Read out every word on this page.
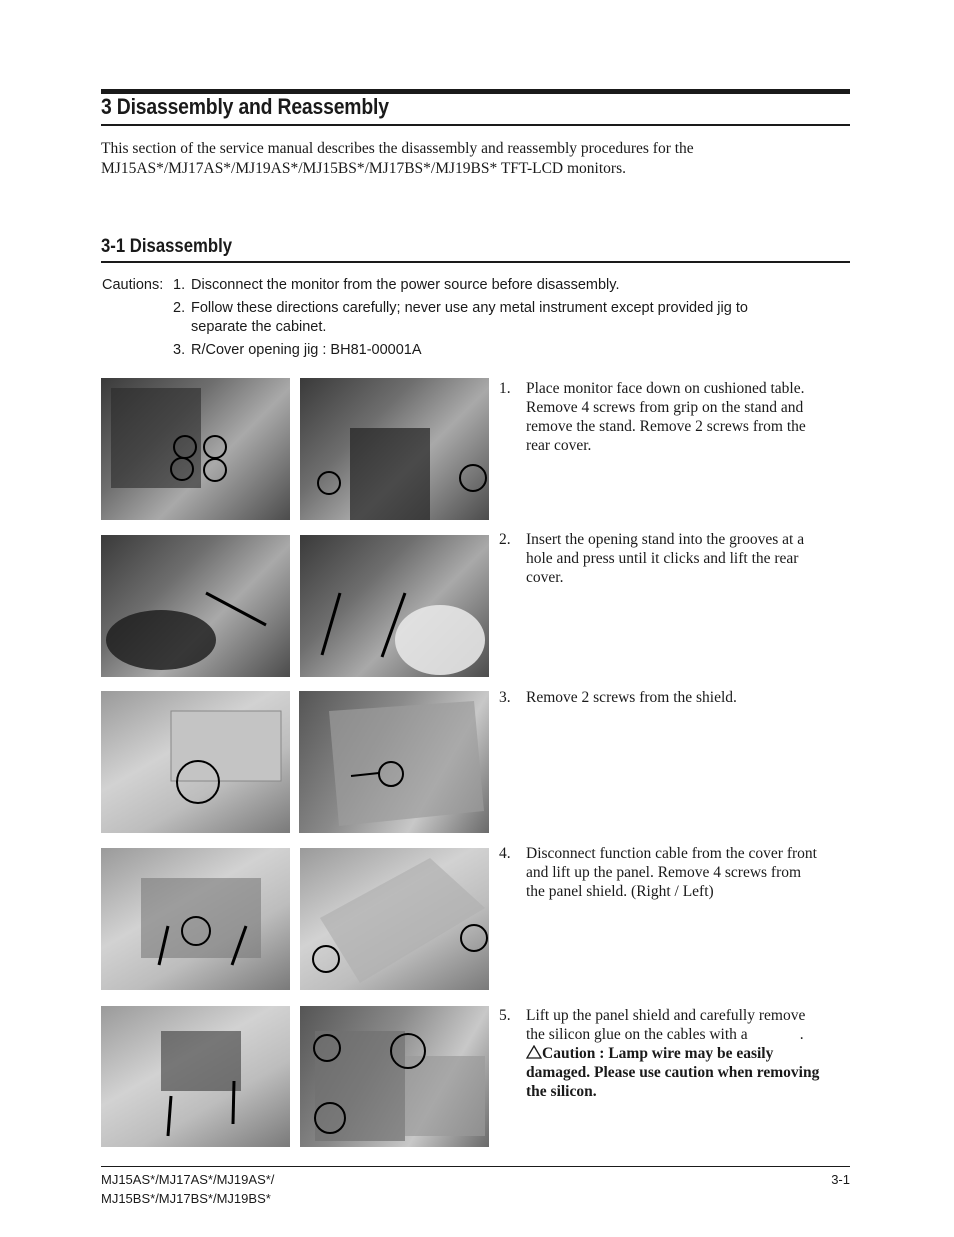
3 Disassembly and Reassembly
This section of the service manual describes the disassembly and reassembly procedures for the
MJ15AS*/MJ17AS*/MJ19AS*/MJ15BS*/MJ17BS*/MJ19BS* TFT-LCD monitors.
3-1 Disassembly
Cautions: 1. Disconnect the monitor from the power source before disassembly.
2. Follow these directions carefully; never use any metal instrument except provided jig to
separate the cabinet.
3. R/Cover opening jig : BH81-00001A
1. Place monitor face down on cushioned table.
Remove 4 screws from grip on the stand and
remove the stand. Remove 2 screws from the
rear cover.
2. Insert the opening stand into the grooves at a
hole and press until it clicks and lift the rear
cover.
3. Remove 2 screws from the shield.
4. Disconnect function cable from the cover front
and lift up the panel. Remove 4 screws from
the panel shield. (Right / Left)
5. Lift up the panel shield and carefully remove
the silicon glue on the cables with a	.
Caution : Lamp wire may be easily
damaged. Please use caution when removing
the silicon.
MJ15AS*/MJ17AS*/MJ19AS*/
MJ15BS*/MJ17BS*/MJ19BS*
3-1
